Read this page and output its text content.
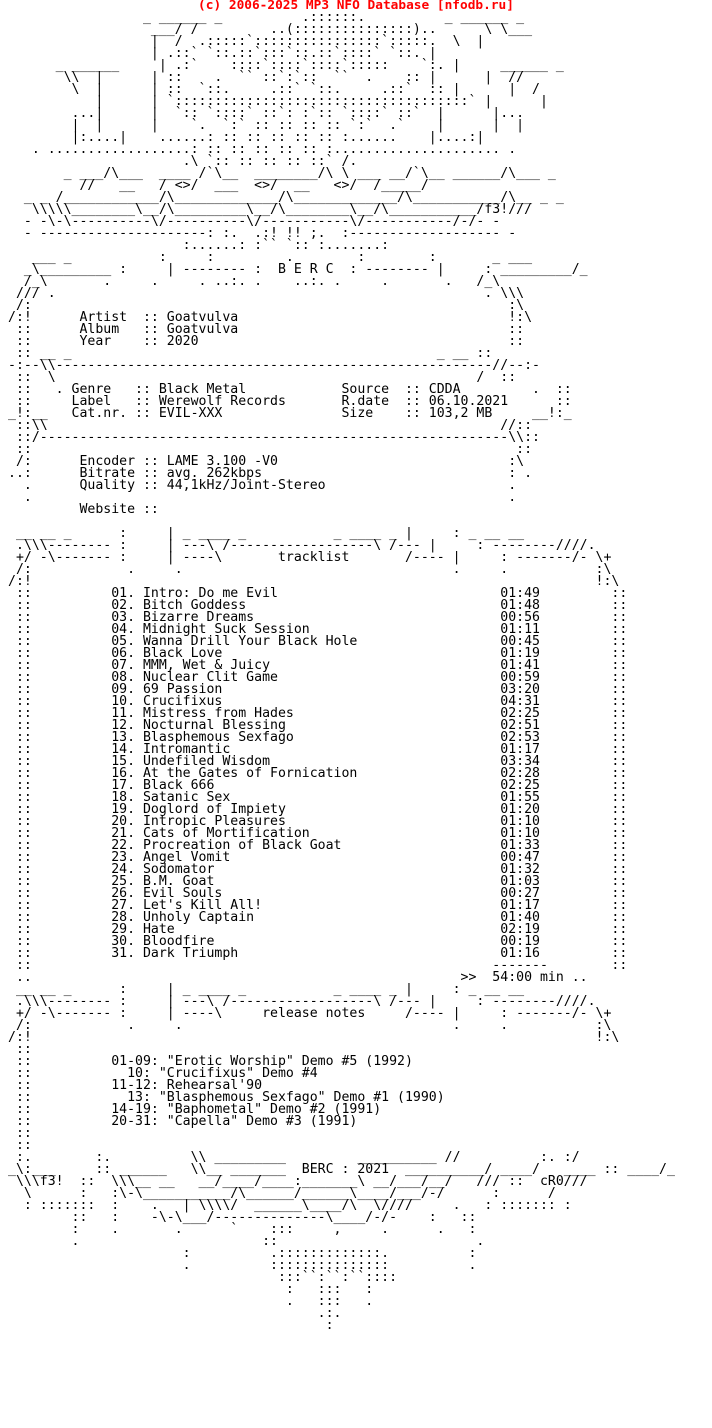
(c) 2006-2025 MP3 NFO Database [nfodb.ru]
_ ______ _          .::::::.          _ ______ _
___/ /         ..(:::::::::::::::)..      \ \___
|  /  .:::::`::::::::::::::::`:::::.  \  |
| .::` `::.::`:::`::.::`::::` `::. |
_ ______     | .:`    ::::`::::`::::`:::::    `:. |     ______ _
\\  |      | ::    .  `` ::`:`::  ``  .    :: |      |  //
\  |      | ::  `::.     .::` `::.     .::`  :: |      |  /
|      | `:::::::::::::::::::::::::::::::::::::` |      |
...|      |  `:: `::::` ::`: :`:: `::::` ::`  |      |...
|  |      |    `.  `:` :: :: :: :: `:`  .`    |      |  |
|:....|    ......: :: :: :: :: :: :......    |....:|
. ..................: :: :: :: :: :: :..................... .
.\ `:: :: :: :: ::` /.
_ ___/\___  ____ /`\__  ________/\ \ ___ __/`\__ ______/\___ _
//   __   / <>/  ___  <>/  __   <>/  /_____/
_ _ /____________/\_____________/\_____________/\___________/\__ _ _
\\\\\________\__/\_________\__/\________\__/\___________/f3!///
- -\-\----------\/----------\/-----------\/-----------/-/- -
- ---------------------: :.  .:! !! ;.  :------------------- -
:......: :`` `:: :.......:
___ _           :     :         .        :        :       _ ___
_\_________ :     | -------- :  B E R C  : -------- |     : _________/_
/_\       .     .     . ..:. .    ..:. .     .       .   /_\
/// .                                                      . \\\
/:                                                            :\
/:!      Artist  :: Goatvulva                                  !:\
::      Album   :: Goatvulva                                  ::
::      Year    :: 2020                                       ::
:: __ _                                              _ __ ::
-:--\\-------------------------------------------------------//--:-
::  \                                                     /  ::
::   . Genre   :: Black Metal            Source  :: CDDA         .  ::
::     Label   :: Werewolf Records       R.date  :: 06.10.2021      ::
_!:__   Cat.nr. :: EVIL-XXX               Size    :: 103,2 MB     __!:_
::\\                                                         //::
::/-----------------------------------------------------------\\::
::                                                             ::
/:      Encoder :: LAME 3.100 -V0                             :\
..:      Bitrate :: avg. 262kbps                               : .
.      Quality :: 44,1kHz/Joint-Stereo                       .
.                                                            .
Website ::

__ __ _      :     | _ ____ _           _ ____ _ |     : _ __ __
.\\\-------- :     | ---\ /------------------\ /--- |     : --------////.
+/ -\------- :     | ----\       tracklist       /---- |     : -------/- \+
/:            .     .                                  .     .           :\
/:!                                                                       !:\
::          01. Intro: Do me Evil                            01:49         ::
::          02. Bitch Goddess                                01:48         ::
::          03. Bizarre Dreams                               00:56         ::
::          04. Midnight Suck Session                        01:11         ::
::          05. Wanna Drill Your Black Hole                  00:45         ::
::          06. Black Love                                   01:19         ::
::          07. MMM, Wet & Juicy                             01:41         ::
::          08. Nuclear Clit Game                            00:59         ::
::          09. 69 Passion                                   03:20         ::
::          10. Crucifixus                                   04:31         ::
::          11. Mistress from Hades                          02:25         ::
::          12. Nocturnal Blessing                           02:51         ::
::          13. Blasphemous Sexfago                          02:53         ::
::          14. Intromantic                                  01:17         ::
::          15. Undefiled Wisdom                             03:34         ::
::          16. At the Gates of Fornication                  02:28         ::
::          17. Black 666                                    02:25         ::
::          18. Satanic Sex                                  01:55         ::
::          19. Doglord of Impiety                           01:20         ::
::          20. Intropic Pleasures                           01:10         ::
::          21. Cats of Mortification                        01:10         ::
::          22. Procreation of Black Goat                    01:33         ::
::          23. Angel Vomit                                  00:47         ::
::          24. Sodomator                                    01:32         ::
::          25. B.M. Goat                                    01:03         ::
::          26. Evil Souls                                   00:27         ::
::          27. Let's Kill All!                              01:17         ::
::          28. Unholy Captain                               01:40         ::
::          29. Hate                                         02:19         ::
::          30. Bloodfire                                    00:19         ::
::          31. Dark Triumph                                 01:16         ::
::                                                          -------        ::
..                                                      >>  54:00 min ..
__ __ _      :     | _ ____ _           _ ____ _ |     : _ __ __
.\\\-------- :     | ---\ /------------------\ /--- |     : --------////.
+/ -\------- :     | ----\     release notes     /---- |     : -------/- \+
/:            .     .                                  .     .           :\
/:!                                                                       !:\
::
::          01-09: "Erotic Worship" Demo #5 (1992)
::            10: "Crucifixus" Demo #4
::          11-12: Rehearsal'90
::            13: "Blasphemous Sexfago" Demo #1 (1990)
::          14-19: "Baphometal" Demo #2 (1991)
::          20-31: "Capella" Demo #3 (1991)
::
::
:.        :.          \\ _________         __________ //          :. :/
_\:___     :: ______   \\__ _______  BERC : 2021  __________/ ____/   ____ :: ____/_
\\\f3!  ::  \\\__ __   __/____/____:_______\ __/___/__/   /// ::  cR0///
\      :   :\-\___________/\______/______\____/___/-/      :      /
: :::::::  :    .   | \\\\/  ______\____/\  \////     .   : ::::::: :
::   :    -\-\___/--------------\____/-/-    :   ::
:    .       .      `    :::     ,     .      .   :
.                       ::                         .
:          .:::::::::::::.          :
.          :::::::::::::::          .
:::``:``:``::::
:   :::   :
.   :::   .
.:.
:
